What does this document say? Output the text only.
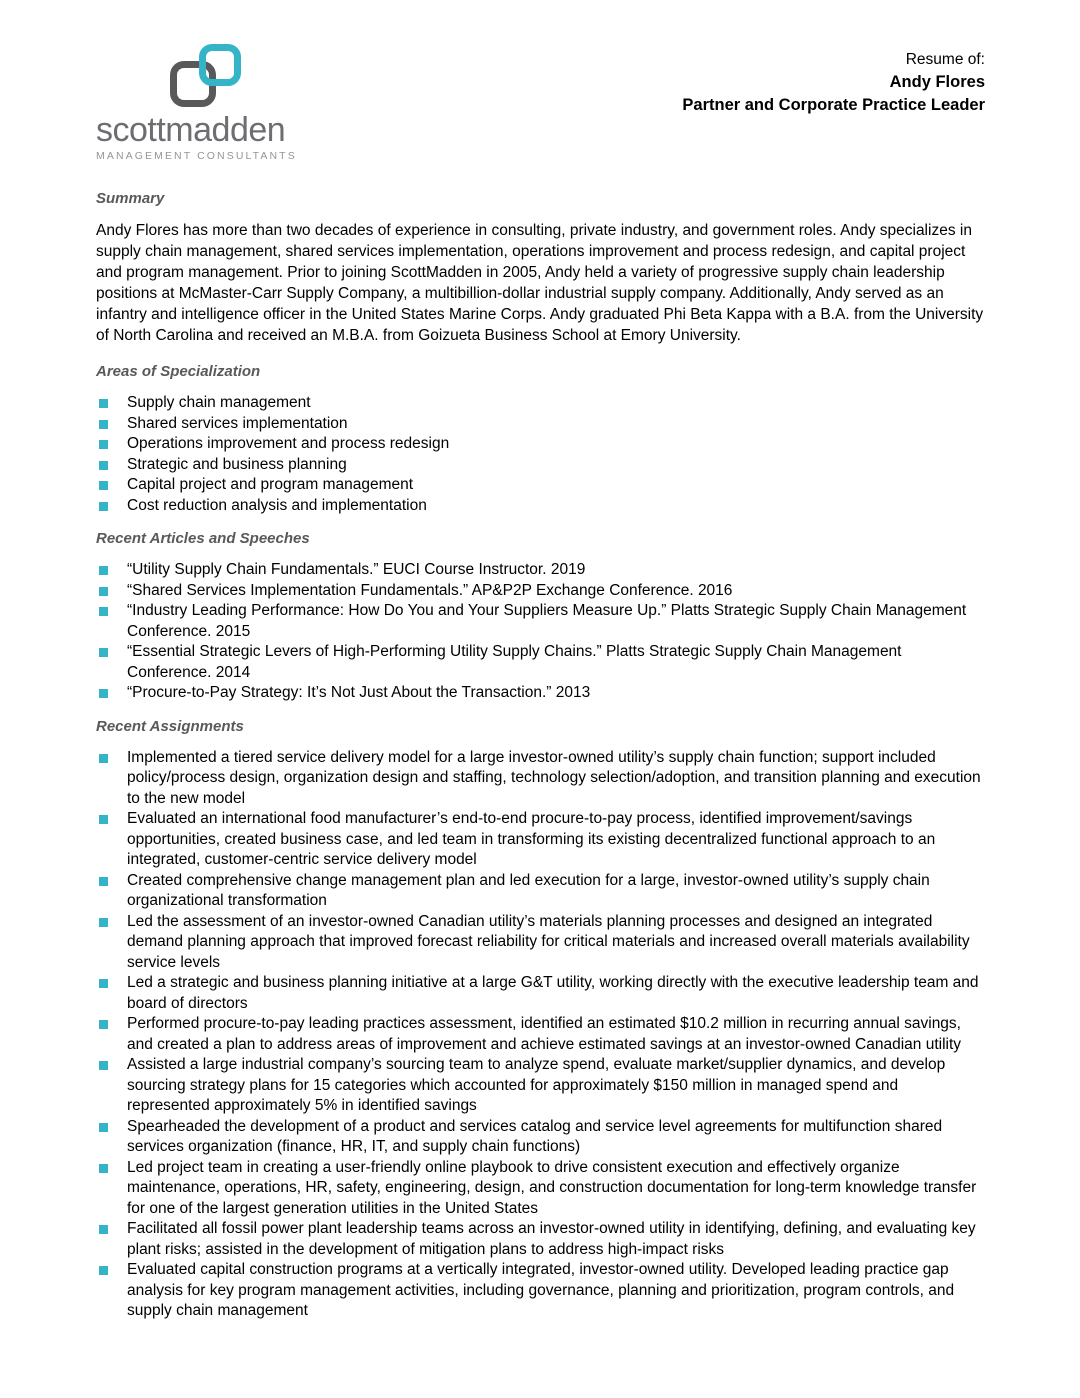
scottmadden
MANAGEMENT CONSULTANTS
Resume of:
Andy Flores
Partner and Corporate Practice Leader
Summary

Andy Flores has more than two decades of experience in consulting, private industry, and government roles. Andy specializes in supply chain management, shared services implementation, operations improvement and process redesign, and capital project and program management. Prior to joining ScottMadden in 2005, Andy held a variety of progressive supply chain leadership positions at McMaster-Carr Supply Company, a multibillion-dollar industrial supply company. Additionally, Andy served as an infantry and intelligence officer in the United States Marine Corps. Andy graduated Phi Beta Kappa with a B.A. from the University of North Carolina and received an M.B.A. from Goizueta Business School at Emory University.

Areas of Specialization
Supply chain management
Shared services implementation
Operations improvement and process redesign
Strategic and business planning
Capital project and program management
Cost reduction analysis and implementation
Recent Articles and Speeches
“Utility Supply Chain Fundamentals.” EUCI Course Instructor. 2019
“Shared Services Implementation Fundamentals.” AP&P2P Exchange Conference. 2016
“Industry Leading Performance: How Do You and Your Suppliers Measure Up.” Platts Strategic Supply Chain Management Conference. 2015
“Essential Strategic Levers of High-Performing Utility Supply Chains.” Platts Strategic Supply Chain Management Conference. 2014
“Procure-to-Pay Strategy: It’s Not Just About the Transaction.” 2013
Recent Assignments
Implemented a tiered service delivery model for a large investor-owned utility’s supply chain function; support included policy/process design, organization design and staffing, technology selection/adoption, and transition planning and execution to the new model
Evaluated an international food manufacturer’s end-to-end procure-to-pay process, identified improvement/savings opportunities, created business case, and led team in transforming its existing decentralized functional approach to an integrated, customer-centric service delivery model
Created comprehensive change management plan and led execution for a large, investor-owned utility’s supply chain organizational transformation
Led the assessment of an investor-owned Canadian utility’s materials planning processes and designed an integrated demand planning approach that improved forecast reliability for critical materials and increased overall materials availability service levels
Led a strategic and business planning initiative at a large G&T utility, working directly with the executive leadership team and board of directors
Performed procure-to-pay leading practices assessment, identified an estimated $10.2 million in recurring annual savings, and created a plan to address areas of improvement and achieve estimated savings at an investor-owned Canadian utility
Assisted a large industrial company’s sourcing team to analyze spend, evaluate market/supplier dynamics, and develop sourcing strategy plans for 15 categories which accounted for approximately $150 million in managed spend and represented approximately 5% in identified savings
Spearheaded the development of a product and services catalog and service level agreements for multifunction shared services organization (finance, HR, IT, and supply chain functions)
Led project team in creating a user-friendly online playbook to drive consistent execution and effectively organize maintenance, operations, HR, safety, engineering, design, and construction documentation for long-term knowledge transfer for one of the largest generation utilities in the United States
Facilitated all fossil power plant leadership teams across an investor-owned utility in identifying, defining, and evaluating key plant risks; assisted in the development of mitigation plans to address high-impact risks
Evaluated capital construction programs at a vertically integrated, investor-owned utility. Developed leading practice gap analysis for key program management activities, including governance, planning and prioritization, program controls, and supply chain management
